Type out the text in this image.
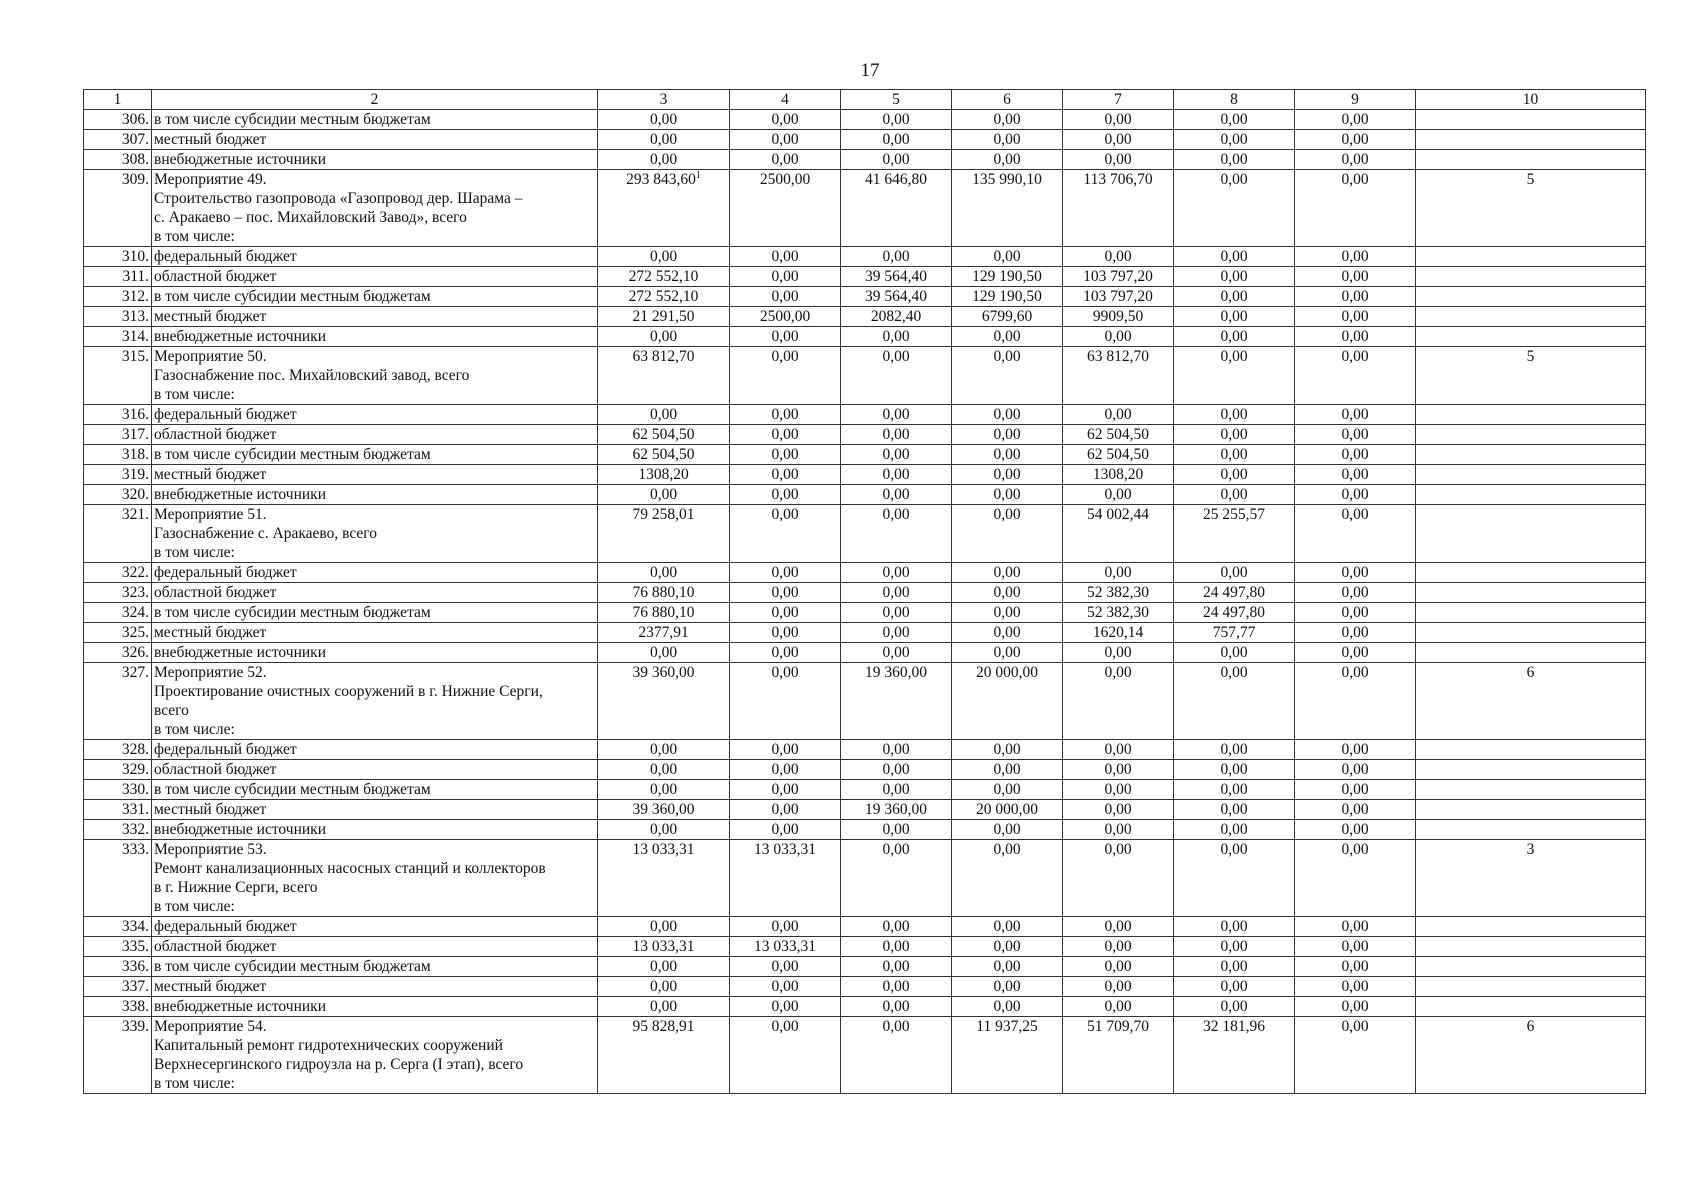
17
1	2	3	4	5	6	7	8	9	10
306.	в том числе субсидии местным бюджетам	0,00	0,00	0,00	0,00	0,00	0,00	0,00	
307.	местный бюджет	0,00	0,00	0,00	0,00	0,00	0,00	0,00	
308.	внебюджетные источники	0,00	0,00	0,00	0,00	0,00	0,00	0,00	
309.	Мероприятие 49.
Строительство газопровода «Газопровод дер. Шарама –
с. Аракаево – пос. Михайловский Завод», всего
в том числе:	293 843,60$^1$	2500,00	41 646,80	135 990,10	113 706,70	0,00	0,00	5
310.	федеральный бюджет	0,00	0,00	0,00	0,00	0,00	0,00	0,00	
311.	областной бюджет	272 552,10	0,00	39 564,40	129 190,50	103 797,20	0,00	0,00	
312.	в том числе субсидии местным бюджетам	272 552,10	0,00	39 564,40	129 190,50	103 797,20	0,00	0,00	
313.	местный бюджет	21 291,50	2500,00	2082,40	6799,60	9909,50	0,00	0,00	
314.	внебюджетные источники	0,00	0,00	0,00	0,00	0,00	0,00	0,00	
315.	Мероприятие 50.
Газоснабжение пос. Михайловский завод, всего
в том числе:	63 812,70	0,00	0,00	0,00	63 812,70	0,00	0,00	5
316.	федеральный бюджет	0,00	0,00	0,00	0,00	0,00	0,00	0,00	
317.	областной бюджет	62 504,50	0,00	0,00	0,00	62 504,50	0,00	0,00	
318.	в том числе субсидии местным бюджетам	62 504,50	0,00	0,00	0,00	62 504,50	0,00	0,00	
319.	местный бюджет	1308,20	0,00	0,00	0,00	1308,20	0,00	0,00	
320.	внебюджетные источники	0,00	0,00	0,00	0,00	0,00	0,00	0,00	
321.	Мероприятие 51.
Газоснабжение с. Аракаево, всего
в том числе:	79 258,01	0,00	0,00	0,00	54 002,44	25 255,57	0,00	
322.	федеральный бюджет	0,00	0,00	0,00	0,00	0,00	0,00	0,00	
323.	областной бюджет	76 880,10	0,00	0,00	0,00	52 382,30	24 497,80	0,00	
324.	в том числе субсидии местным бюджетам	76 880,10	0,00	0,00	0,00	52 382,30	24 497,80	0,00	
325.	местный бюджет	2377,91	0,00	0,00	0,00	1620,14	757,77	0,00	
326.	внебюджетные источники	0,00	0,00	0,00	0,00	0,00	0,00	0,00	
327.	Мероприятие 52.
Проектирование очистных сооружений в г. Нижние Серги,
всего
в том числе:	39 360,00	0,00	19 360,00	20 000,00	0,00	0,00	0,00	6
328.	федеральный бюджет	0,00	0,00	0,00	0,00	0,00	0,00	0,00	
329.	областной бюджет	0,00	0,00	0,00	0,00	0,00	0,00	0,00	
330.	в том числе субсидии местным бюджетам	0,00	0,00	0,00	0,00	0,00	0,00	0,00	
331.	местный бюджет	39 360,00	0,00	19 360,00	20 000,00	0,00	0,00	0,00	
332.	внебюджетные источники	0,00	0,00	0,00	0,00	0,00	0,00	0,00	
333.	Мероприятие 53.
Ремонт канализационных насосных станций и коллекторов
в г. Нижние Серги, всего
в том числе:	13 033,31	13 033,31	0,00	0,00	0,00	0,00	0,00	3
334.	федеральный бюджет	0,00	0,00	0,00	0,00	0,00	0,00	0,00	
335.	областной бюджет	13 033,31	13 033,31	0,00	0,00	0,00	0,00	0,00	
336.	в том числе субсидии местным бюджетам	0,00	0,00	0,00	0,00	0,00	0,00	0,00	
337.	местный бюджет	0,00	0,00	0,00	0,00	0,00	0,00	0,00	
338.	внебюджетные источники	0,00	0,00	0,00	0,00	0,00	0,00	0,00	
339.	Мероприятие 54.
Капитальный ремонт гидротехнических сооружений
Верхнесергинского гидроузла на р. Серга (I этап), всего
в том числе:	95 828,91	0,00	0,00	11 937,25	51 709,70	32 181,96	0,00	6
